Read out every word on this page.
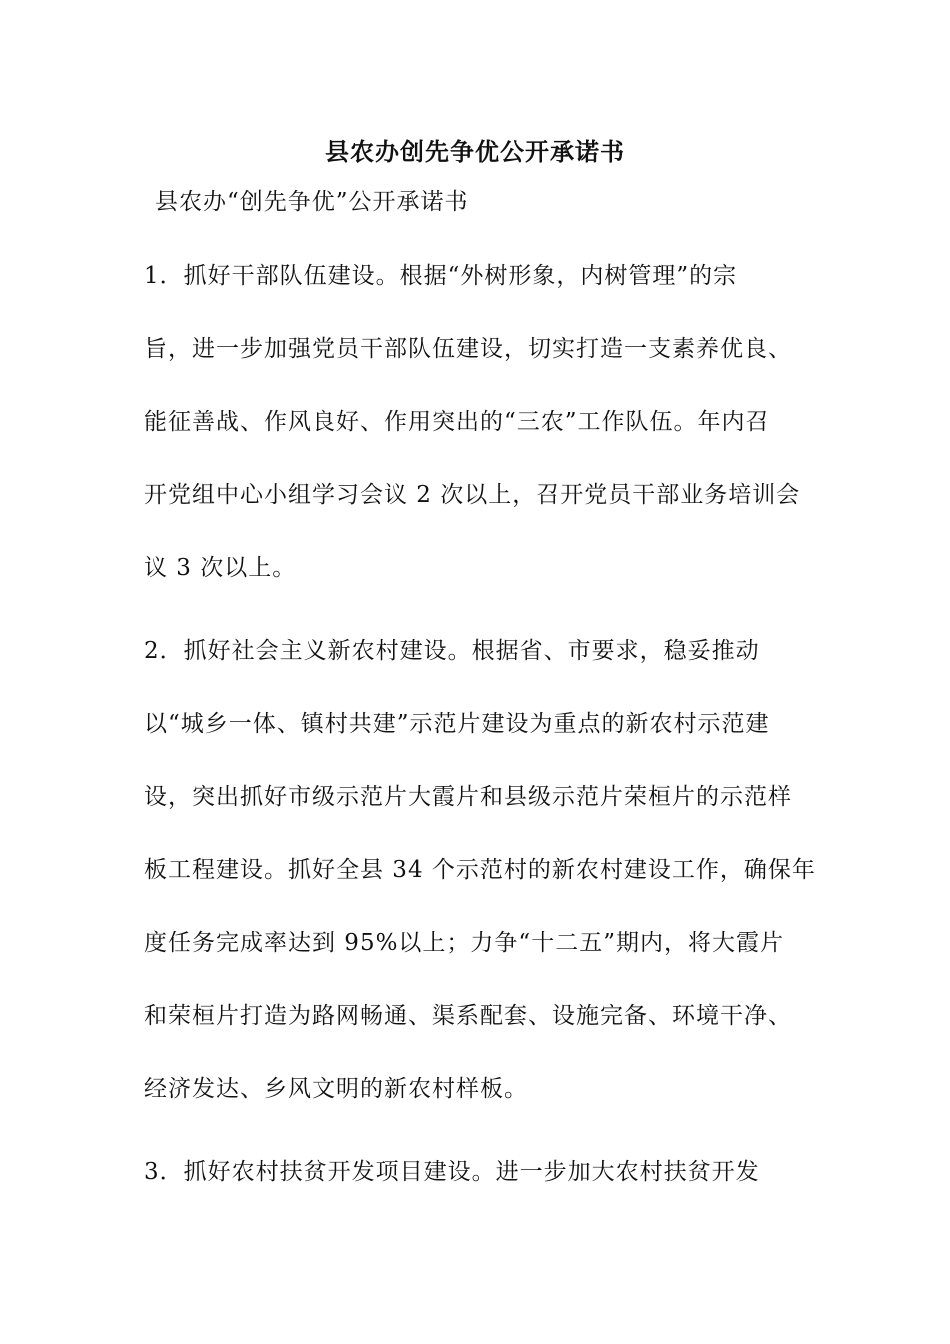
县农办创先争优公开承诺书
县农办“创先争优”公开承诺书
1．抓好干部队伍建设。根据“外树形象，内树管理”的宗
旨，进一步加强党员干部队伍建设，切实打造一支素养优良、
能征善战、作风良好、作用突出的“三农”工作队伍。年内召
开党组中心小组学习会议 2 次以上，召开党员干部业务培训会
议 3 次以上。
2．抓好社会主义新农村建设。根据省、市要求，稳妥推动
以“城乡一体、镇村共建”示范片建设为重点的新农村示范建
设，突出抓好市级示范片大霞片和县级示范片荣桓片的示范样
板工程建设。抓好全县 34 个示范村的新农村建设工作，确保年
度任务完成率达到 95%以上；力争“十二五”期内，将大霞片
和荣桓片打造为路网畅通、渠系配套、设施完备、环境干净、
经济发达、乡风文明的新农村样板。
3．抓好农村扶贫开发项目建设。进一步加大农村扶贫开发
